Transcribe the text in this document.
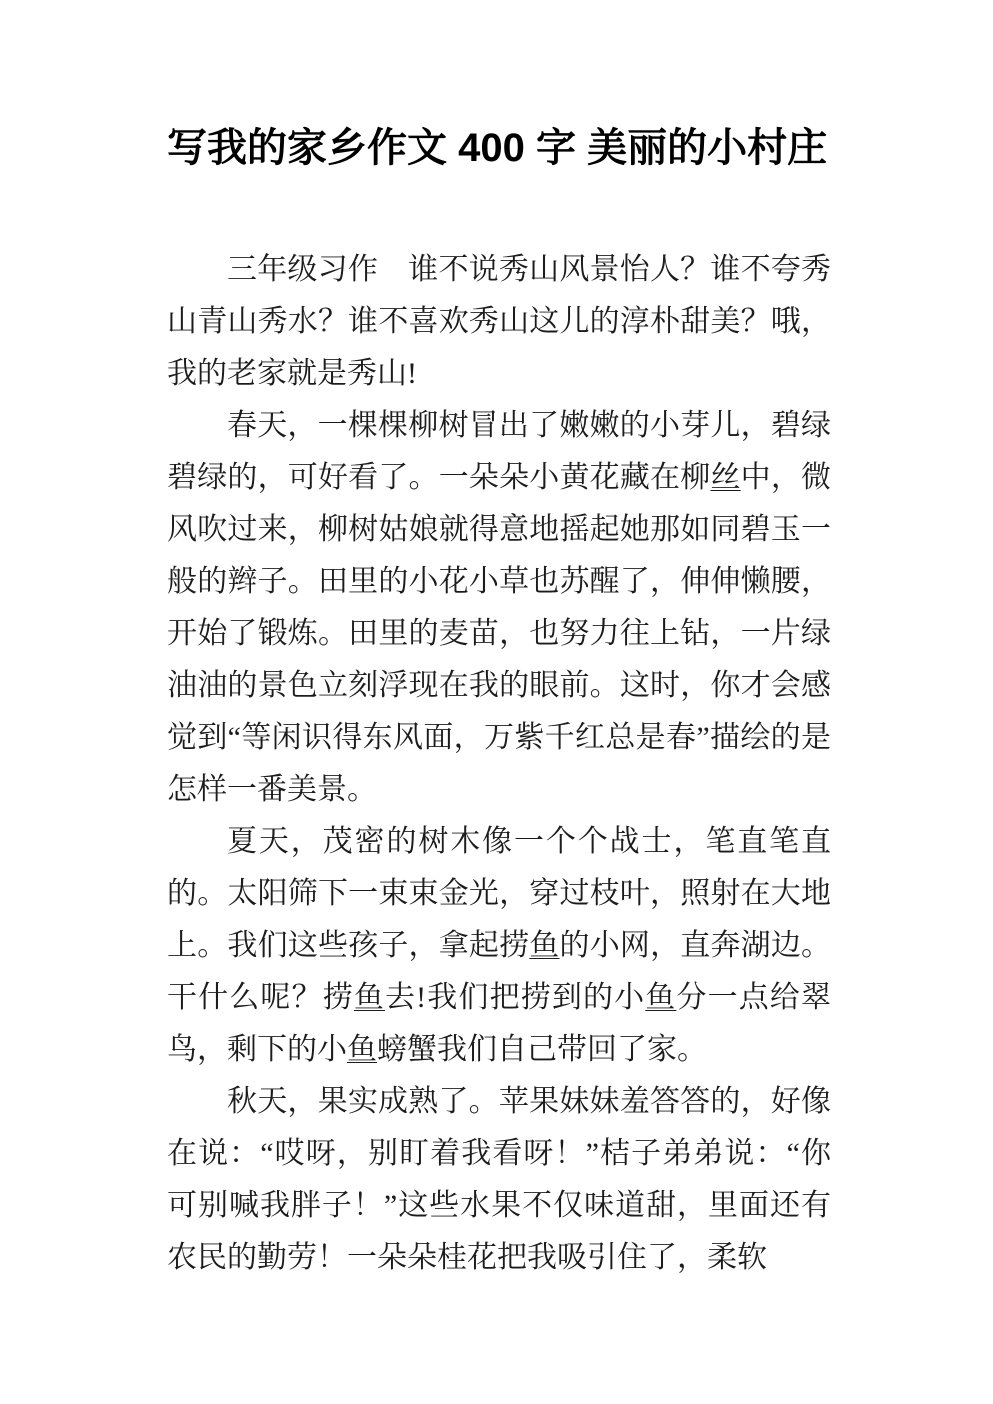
写我的家乡作文 400 字 美丽的小村庄

三年级习作　谁不说秀山风景怡人？谁不夸秀山青山秀水？谁不喜欢秀山这儿的淳朴甜美？哦，我的老家就是秀山!

春天，一棵棵柳树冒出了嫩嫩的小芽儿，碧绿碧绿的，可好看了。一朵朵小黄花藏在柳丝中，微风吹过来，柳树姑娘就得意地摇起她那如同碧玉一般的辫子。田里的小花小草也苏醒了，伸伸懒腰，开始了锻炼。田里的麦苗，也努力往上钻，一片绿油油的景色立刻浮现在我的眼前。这时，你才会感觉到“等闲识得东风面，万紫千红总是春”描绘的是怎样一番美景。

夏天，茂密的树木像一个个战士，笔直笔直的。太阳筛下一束束金光，穿过枝叶，照射在大地上。我们这些孩子，拿起捞鱼的小网，直奔湖边。干什么呢？捞鱼去!我们把捞到的小鱼分一点给翠鸟，剩下的小鱼螃蟹我们自己带回了家。

秋天，果实成熟了。苹果妹妹羞答答的，好像在说：“哎呀，别盯着我看呀！”桔子弟弟说：“你可别喊我胖子！”这些水果不仅味道甜，里面还有农民的勤劳！一朵朵桂花把我吸引住了，柔软
